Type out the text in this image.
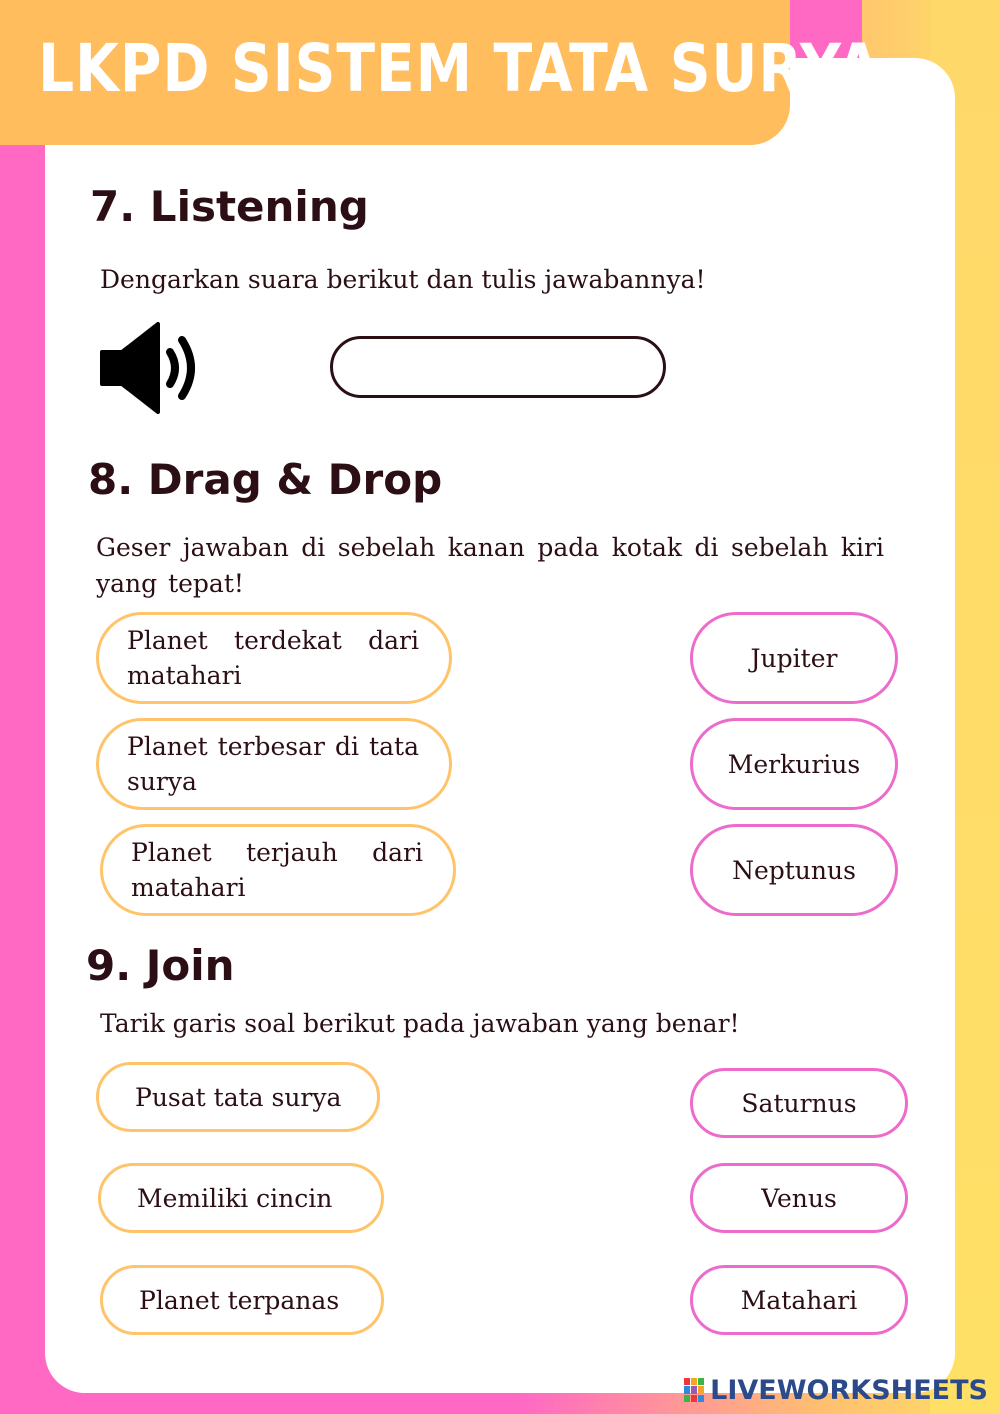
LKPD SISTEM TATA SURYA
7. Listening

Dengarkan suara berikut dan tulis jawabannya!

8. Drag & Drop

Geser jawaban di sebelah kanan pada kotak di sebelah kiri yang tepat!

Planet terdekat dari matahari
Planet terbesar di tata surya
Planet terjauh dari matahari
Jupiter
Merkurius
Neptunus
9. Join

Tarik garis soal berikut pada jawaban yang benar!

Pusat tata surya
Memiliki cincin
Planet terpanas
Saturnus
Venus
Matahari
LIVEWORKSHEETS
